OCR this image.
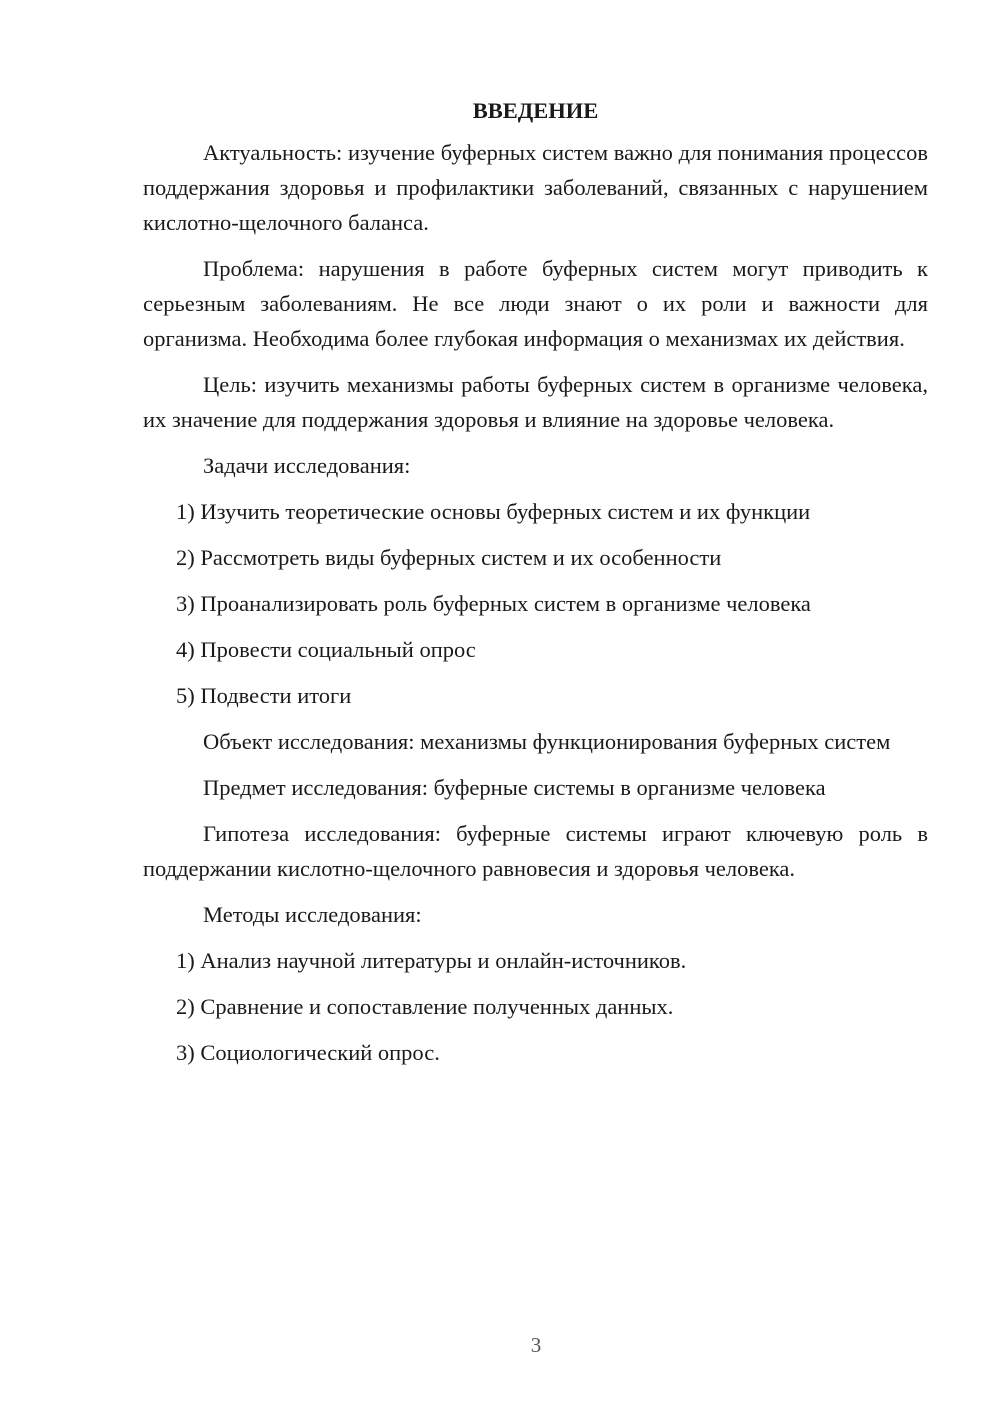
ВВЕДЕНИЕ

Актуальность: изучение буферных систем важно для понимания процессов поддержания здоровья и профилактики заболеваний, связанных с нарушением кислотно-щелочного баланса.

Проблема: нарушения в работе буферных систем могут приводить к серьезным заболеваниям. Не все люди знают о их роли и важности для организма. Необходима более глубокая информация о механизмах их действия.

Цель: изучить механизмы работы буферных систем в организме человека, их значение для поддержания здоровья и влияние на здоровье человека.

Задачи исследования:

1) Изучить теоретические основы буферных систем и их функции
2) Рассмотреть виды буферных систем и их особенности
3) Проанализировать роль буферных систем в организме человека
4) Провести социальный опрос
5) Подвести итоги

Объект исследования: механизмы функционирования буферных систем

Предмет исследования: буферные системы в организме человека

Гипотеза исследования: буферные системы играют ключевую роль в поддержании кислотно-щелочного равновесия и здоровья человека.

Методы исследования:

1) Анализ научной литературы и онлайн-источников.
2) Сравнение и сопоставление полученных данных.
3) Социологический опрос.
3
